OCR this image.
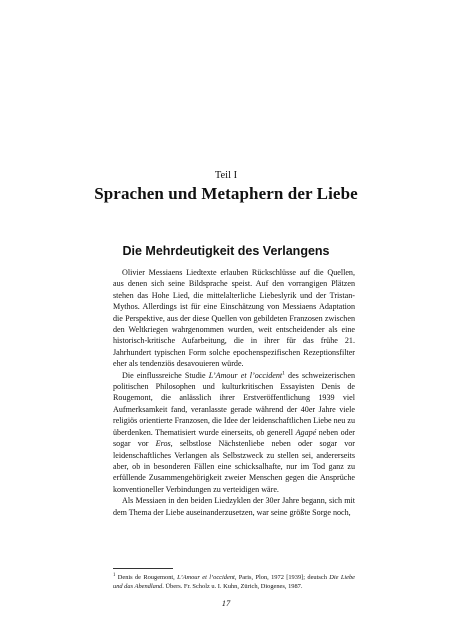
Teil I
Sprachen und Metaphern der Liebe
Die Mehrdeutigkeit des Verlangens

Olivier Messiaens Liedtexte erlauben Rückschlüsse auf die Quellen, aus denen sich seine Bildsprache speist. Auf den vorrangigen Plätzen stehen das Hohe Lied, die mittelalterliche Liebeslyrik und der Tristan-Mythos. Allerdings ist für eine Einschätzung von Messiaens Adaptation die Perspektive, aus der diese Quellen von gebildeten Franzosen zwischen den Weltkriegen wahrgenommen wurden, weit entscheidender als eine historisch-kritische Aufarbeitung, die in ihrer für das frühe 21. Jahrhundert typischen Form solche epochenspezifischen Rezeptionsfilter eher als tendenziös desavouieren würde.

Die einflussreiche Studie L’Amour et l’occident$^1$ des schweizerischen politischen Philosophen und kulturkritischen Essayisten Denis de Rougemont, die anlässlich ihrer Erstveröffentlichung 1939 viel Aufmerksamkeit fand, veranlasste gerade während der 40er Jahre viele religiös orientierte Franzosen, die Idee der leidenschaftlichen Liebe neu zu überdenken. Thematisiert wurde einerseits, ob generell Agapé neben oder sogar vor Eros, selbstlose Nächstenliebe neben oder sogar vor leidenschaftliches Verlangen als Selbstzweck zu stellen sei, andererseits aber, ob in besonderen Fällen eine schicksalhafte, nur im Tod ganz zu erfüllende Zusammengehörigkeit zweier Menschen gegen die Ansprüche konventioneller Verbindungen zu verteidigen wäre.

Als Messiaen in den beiden Liedzyklen der 30er Jahre begann, sich mit dem Thema der Liebe auseinanderzusetzen, war seine größte Sorge noch,

$^1$ Denis de Rougemont, L’Amour et l’occident, Paris, Plon, 1972 [1939]; deutsch Die Liebe und das Abendland. Übers. Fr. Scholz u. I. Kuhn, Zürich, Diogenes, 1987.
17
